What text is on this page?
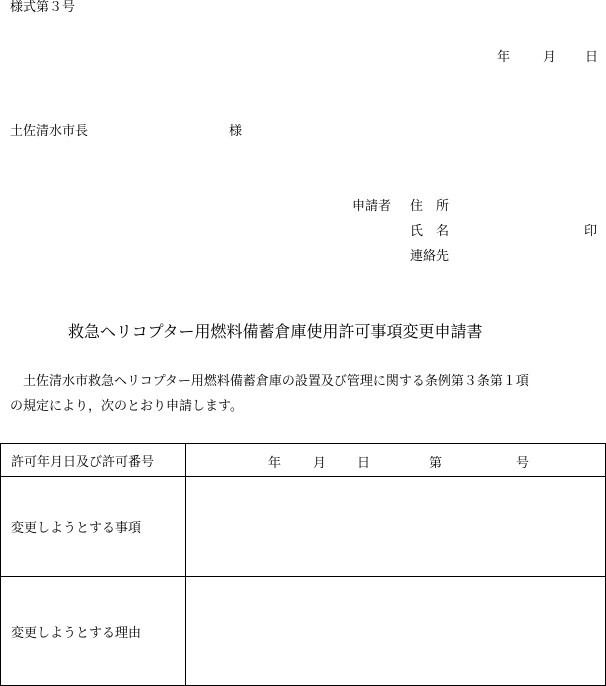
様式第３号
年	月 日
土佐清水市長	様
申請者 住　所
氏　名	印
連絡先
救急ヘリコプター用燃料備蓄倉庫使用許可事項変更申請書
　土佐清水市救急ヘリコプター用燃料備蓄倉庫の設置及び管理に関する条例第３条第１項
の規定により，次のとおり申請します。
許可年月日及び許可番号	年 月 日 第 号

変更しようとする事項	
変更しようとする理由	
